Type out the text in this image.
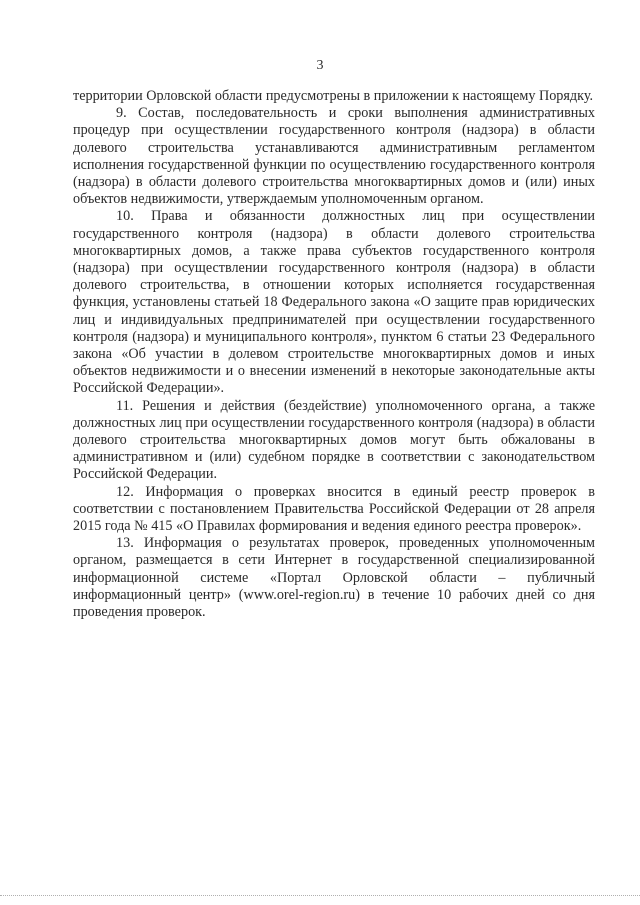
3

территории Орловской области предусмотрены в приложении к настоящему Порядку.

9. Состав, последовательность и сроки выполнения административных процедур при осуществлении государственного контроля (надзора) в области долевого строительства устанавливаются административным регламентом исполнения государственной функции по осуществлению государственного контроля (надзора) в области долевого строительства многоквартирных домов и (или) иных объектов недвижимости, утверждаемым уполномоченным органом.

10. Права и обязанности должностных лиц при осуществлении государственного контроля (надзора) в области долевого строительства многоквартирных домов, а также права субъектов государственного контроля (надзора) при осуществлении государственного контроля (надзора) в области долевого строительства, в отношении которых исполняется государственная функция, установлены статьей 18 Федерального закона «О защите прав юридических лиц и индивидуальных предпринимателей при осуществлении государственного контроля (надзора) и муниципального контроля», пунктом 6 статьи 23 Федерального закона «Об участии в долевом строительстве многоквартирных домов и иных объектов недвижимости и о внесении изменений в некоторые законодательные акты Российской Федерации».

11. Решения и действия (бездействие) уполномоченного органа, а также должностных лиц при осуществлении государственного контроля (надзора) в области долевого строительства многоквартирных домов могут быть обжалованы в административном и (или) судебном порядке в соответствии с законодательством Российской Федерации.

12. Информация о проверках вносится в единый реестр проверок в соответствии с постановлением Правительства Российской Федерации от 28 апреля 2015 года № 415 «О Правилах формирования и ведения единого реестра проверок».

13. Информация о результатах проверок, проведенных уполномоченным органом, размещается в сети Интернет в государственной специализированной информационной системе «Портал Орловской области – публичный информационный центр» (www.orel-region.ru) в течение 10 рабочих дней со дня проведения проверок.
